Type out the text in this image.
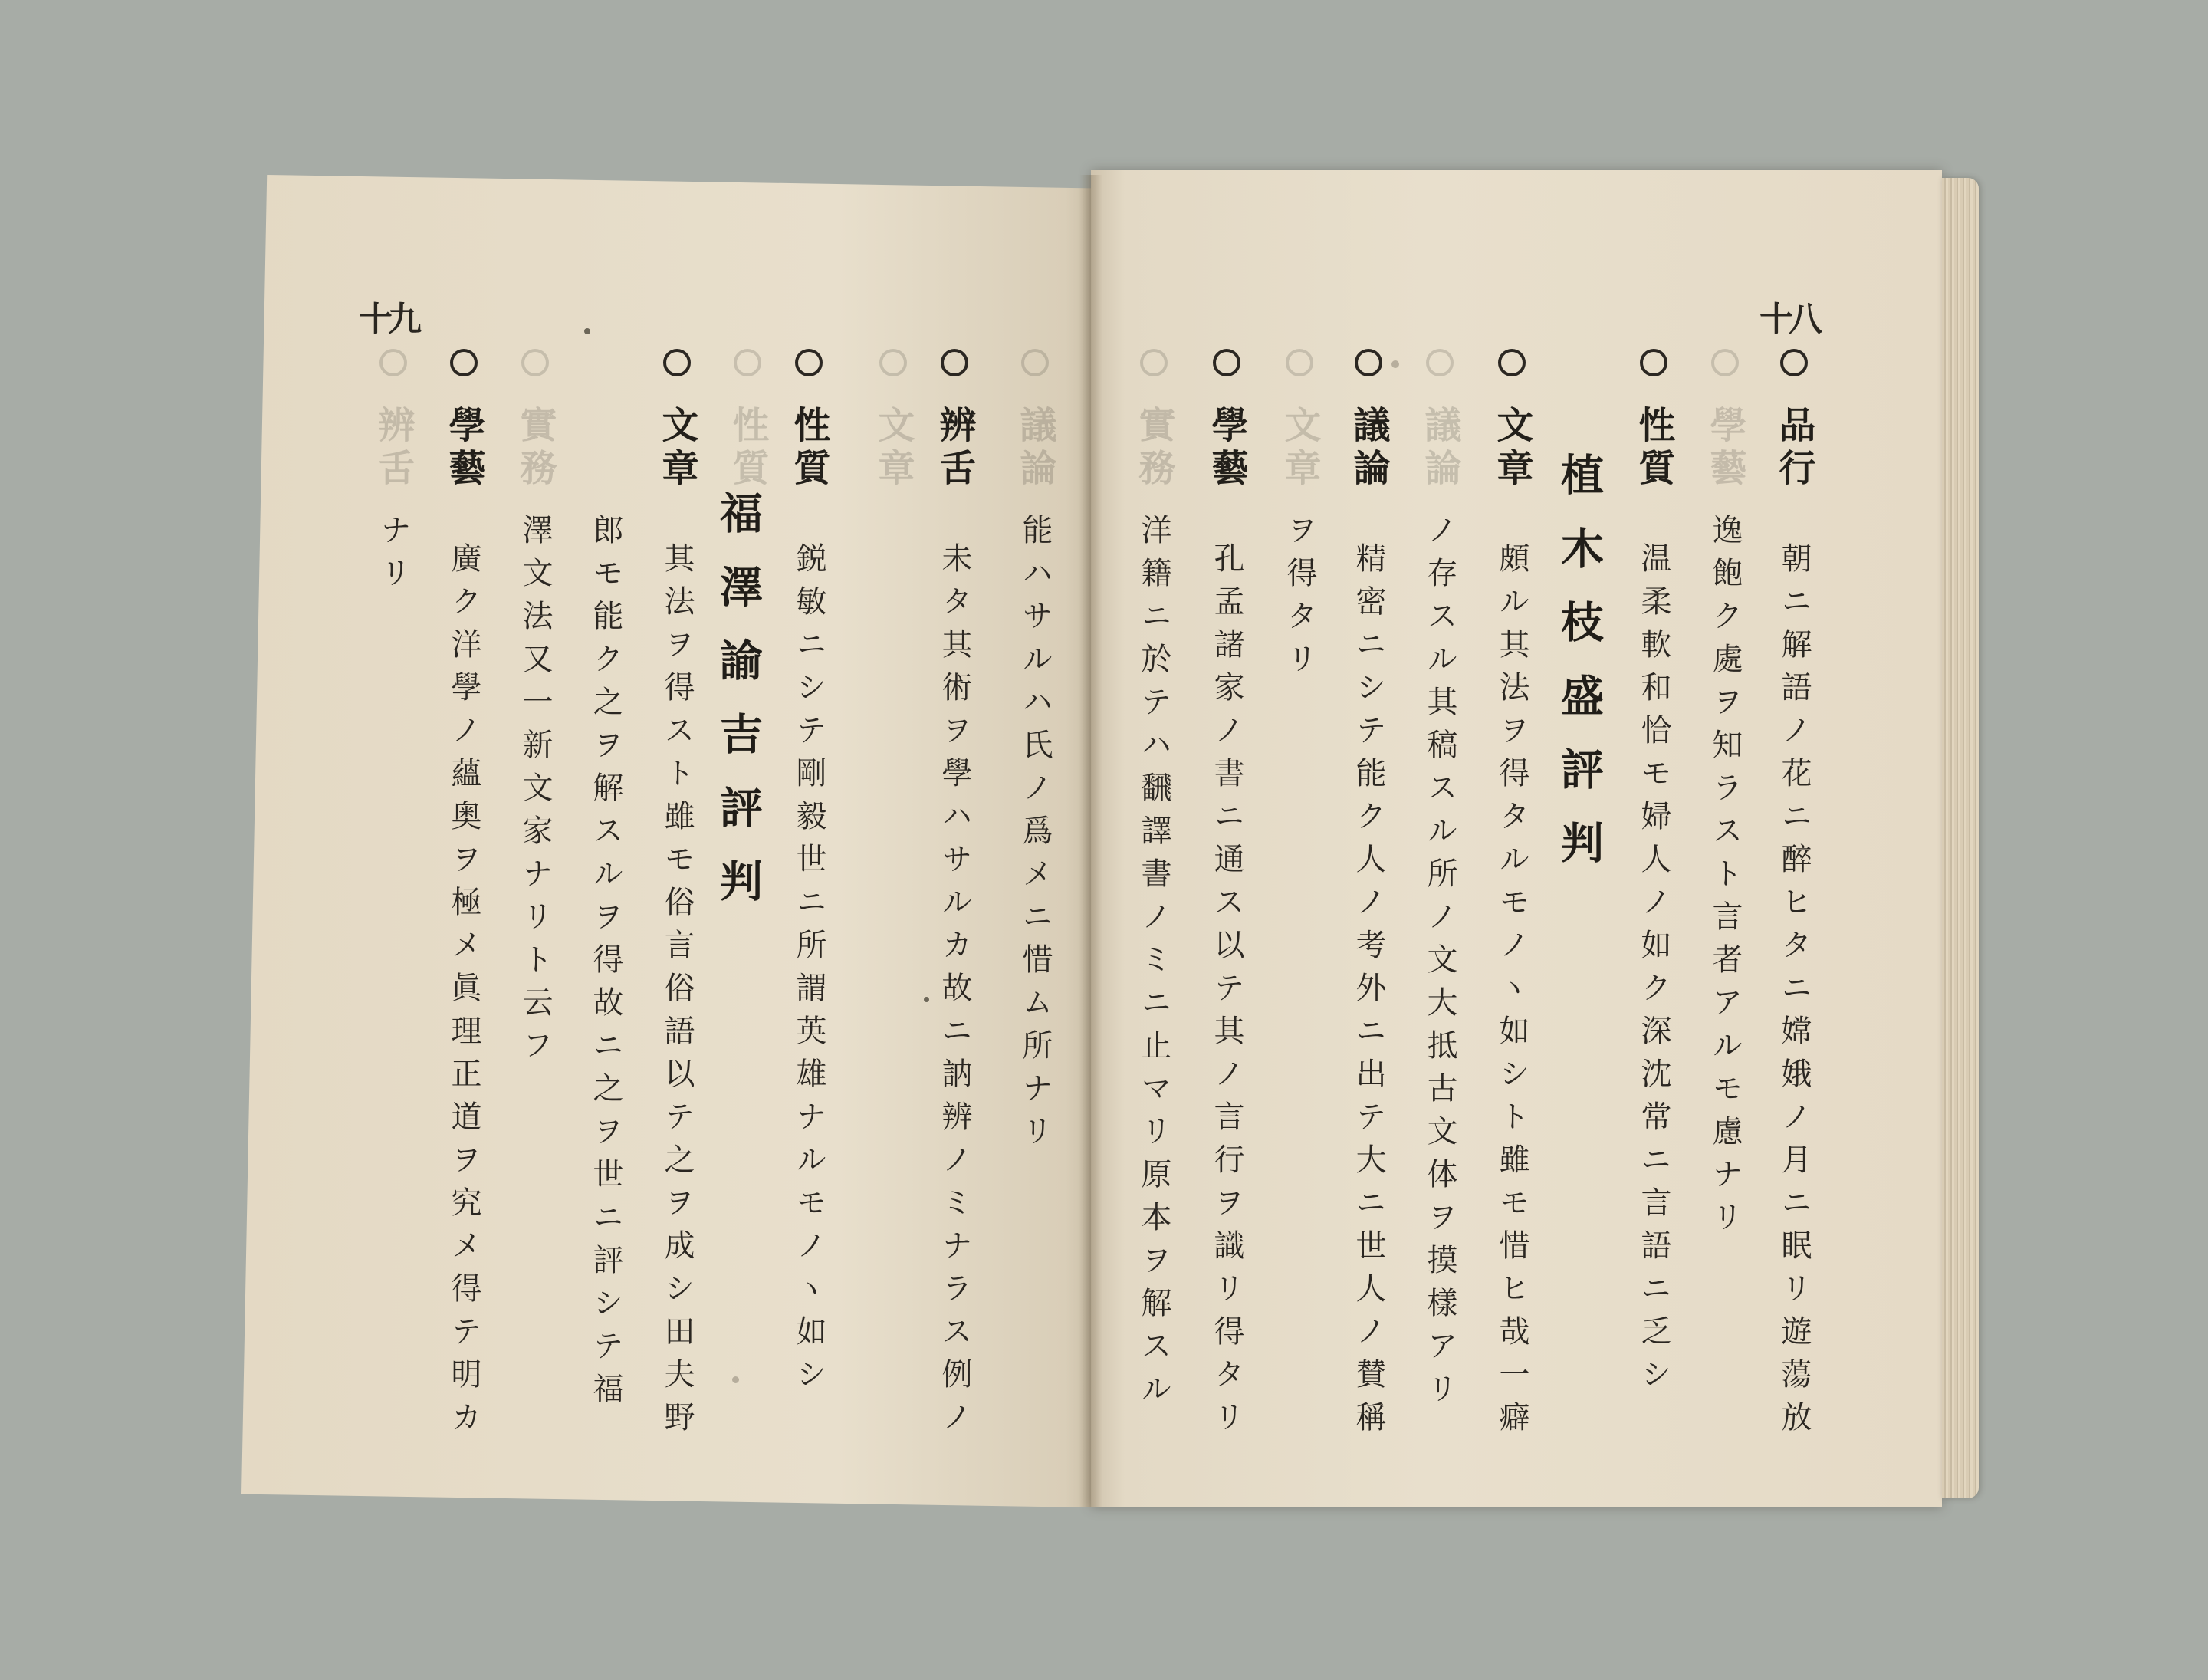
十九	十八
議論
文章
性質
實務
辨舌	學藝
議論
文章
實務	品行
朝ニ解語ノ花ニ醉ヒタニ嫦娥ノ月ニ眠リ遊蕩放
逸飽ク處ヲ知ラスト言者アルモ慮ナリ
性質
温柔軟和恰モ婦人ノ如ク深沈常ニ言語ニ乏シ
植木枝盛評判
文章
頗ル其法ヲ得タルモノヽ如シト雖モ惜ヒ哉一癖
ノ存スル其稿スル所ノ文大抵古文体ヲ摸樣アリ
議論
精密ニシテ能ク人ノ考外ニ出テ大ニ世人ノ賛稱
ヲ得タリ
學藝
孔孟諸家ノ書ニ通ス以テ其ノ言行ヲ識リ得タリ
洋籍ニ於テハ飜譯書ノミニ止マリ原本ヲ解スル
能ハサルハ氏ノ爲メニ惜ム所ナリ
辨舌
未タ其術ヲ學ハサルカ故ニ訥辨ノミナラス例ノ
性質
鋭敏ニシテ剛毅世ニ所謂英雄ナルモノヽ如シ
福澤諭吉評判
文章
其法ヲ得スト雖モ俗言俗語以テ之ヲ成シ田夫野
郎モ能ク之ヲ解スルヲ得故ニ之ヲ世ニ評シテ福
澤文法又一新文家ナリト云フ
學藝
廣ク洋學ノ蘊奥ヲ極メ眞理正道ヲ究メ得テ明カ
ナリ
